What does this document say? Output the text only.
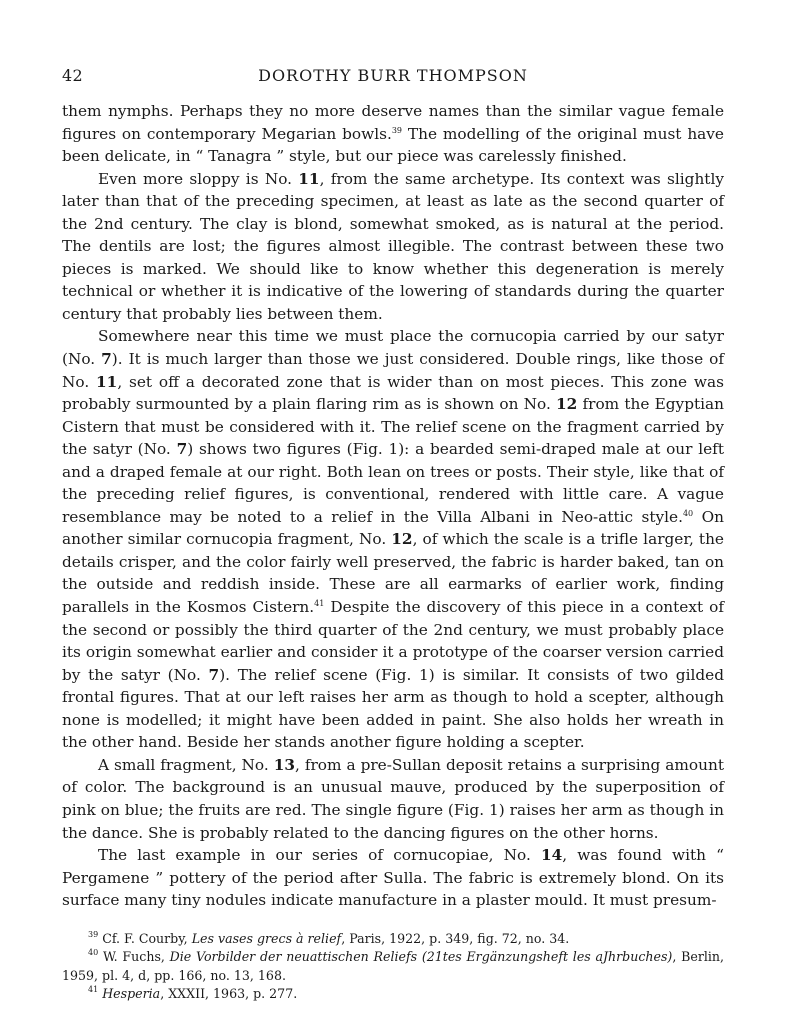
42	DOROTHY BURR THOMPSON

them nymphs. Perhaps they no more deserve names than the similar vague female figures on contemporary Megarian bowls.$^{39}$ The modelling of the original must have been delicate, in “ Tanagra ” style, but our piece was carelessly finished.

Even more sloppy is No. 11, from the same archetype. Its context was slightly later than that of the preceding specimen, at least as late as the second quarter of the 2nd century. The clay is blond, somewhat smoked, as is natural at the period. The dentils are lost; the figures almost illegible. The contrast between these two pieces is marked. We should like to know whether this degeneration is merely technical or whether it is indicative of the lowering of standards during the quarter century that probably lies between them.

Somewhere near this time we must place the cornucopia carried by our satyr (No. 7). It is much larger than those we just considered. Double rings, like those of No. 11, set off a decorated zone that is wider than on most pieces. This zone was probably surmounted by a plain flaring rim as is shown on No. 12 from the Egyptian Cistern that must be considered with it. The relief scene on the fragment carried by the satyr (No. 7) shows two figures (Fig. 1): a bearded semi-draped male at our left and a draped female at our right. Both lean on trees or posts. Their style, like that of the preceding relief figures, is conventional, rendered with little care. A vague resemblance may be noted to a relief in the Villa Albani in Neo-attic style.$^{40}$ On another similar cornucopia fragment, No. 12, of which the scale is a trifle larger, the details crisper, and the color fairly well preserved, the fabric is harder baked, tan on the outside and reddish inside. These are all earmarks of earlier work, finding parallels in the Kosmos Cistern.$^{41}$ Despite the discovery of this piece in a context of the second or possibly the third quarter of the 2nd century, we must probably place its origin somewhat earlier and consider it a prototype of the coarser version carried by the satyr (No. 7). The relief scene (Fig. 1) is similar. It consists of two gilded frontal figures. That at our left raises her arm as though to hold a scepter, although none is modelled; it might have been added in paint. She also holds her wreath in the other hand. Beside her stands another figure holding a scepter.

A small fragment, No. 13, from a pre-Sullan deposit retains a surprising amount of color. The background is an unusual mauve, produced by the superposition of pink on blue; the fruits are red. The single figure (Fig. 1) raises her arm as though in the dance. She is probably related to the dancing figures on the other horns.

The last example in our series of cornucopiae, No. 14, was found with “ Pergamene ” pottery of the period after Sulla. The fabric is extremely blond. On its surface many tiny nodules indicate manufacture in a plaster mould. It must presum-

$^{39}$ Cf. F. Courby, Les vases grecs à relief, Paris, 1922, p. 349, fig. 72, no. 34.

$^{40}$ W. Fuchs, Die Vorbilder der neuattischen Reliefs (21tes Ergänzungsheft les aJhrbuches), Berlin, 1959, pl. 4, d, pp. 166, no. 13, 168.

$^{41}$ Hesperia, XXXII, 1963, p. 277.
